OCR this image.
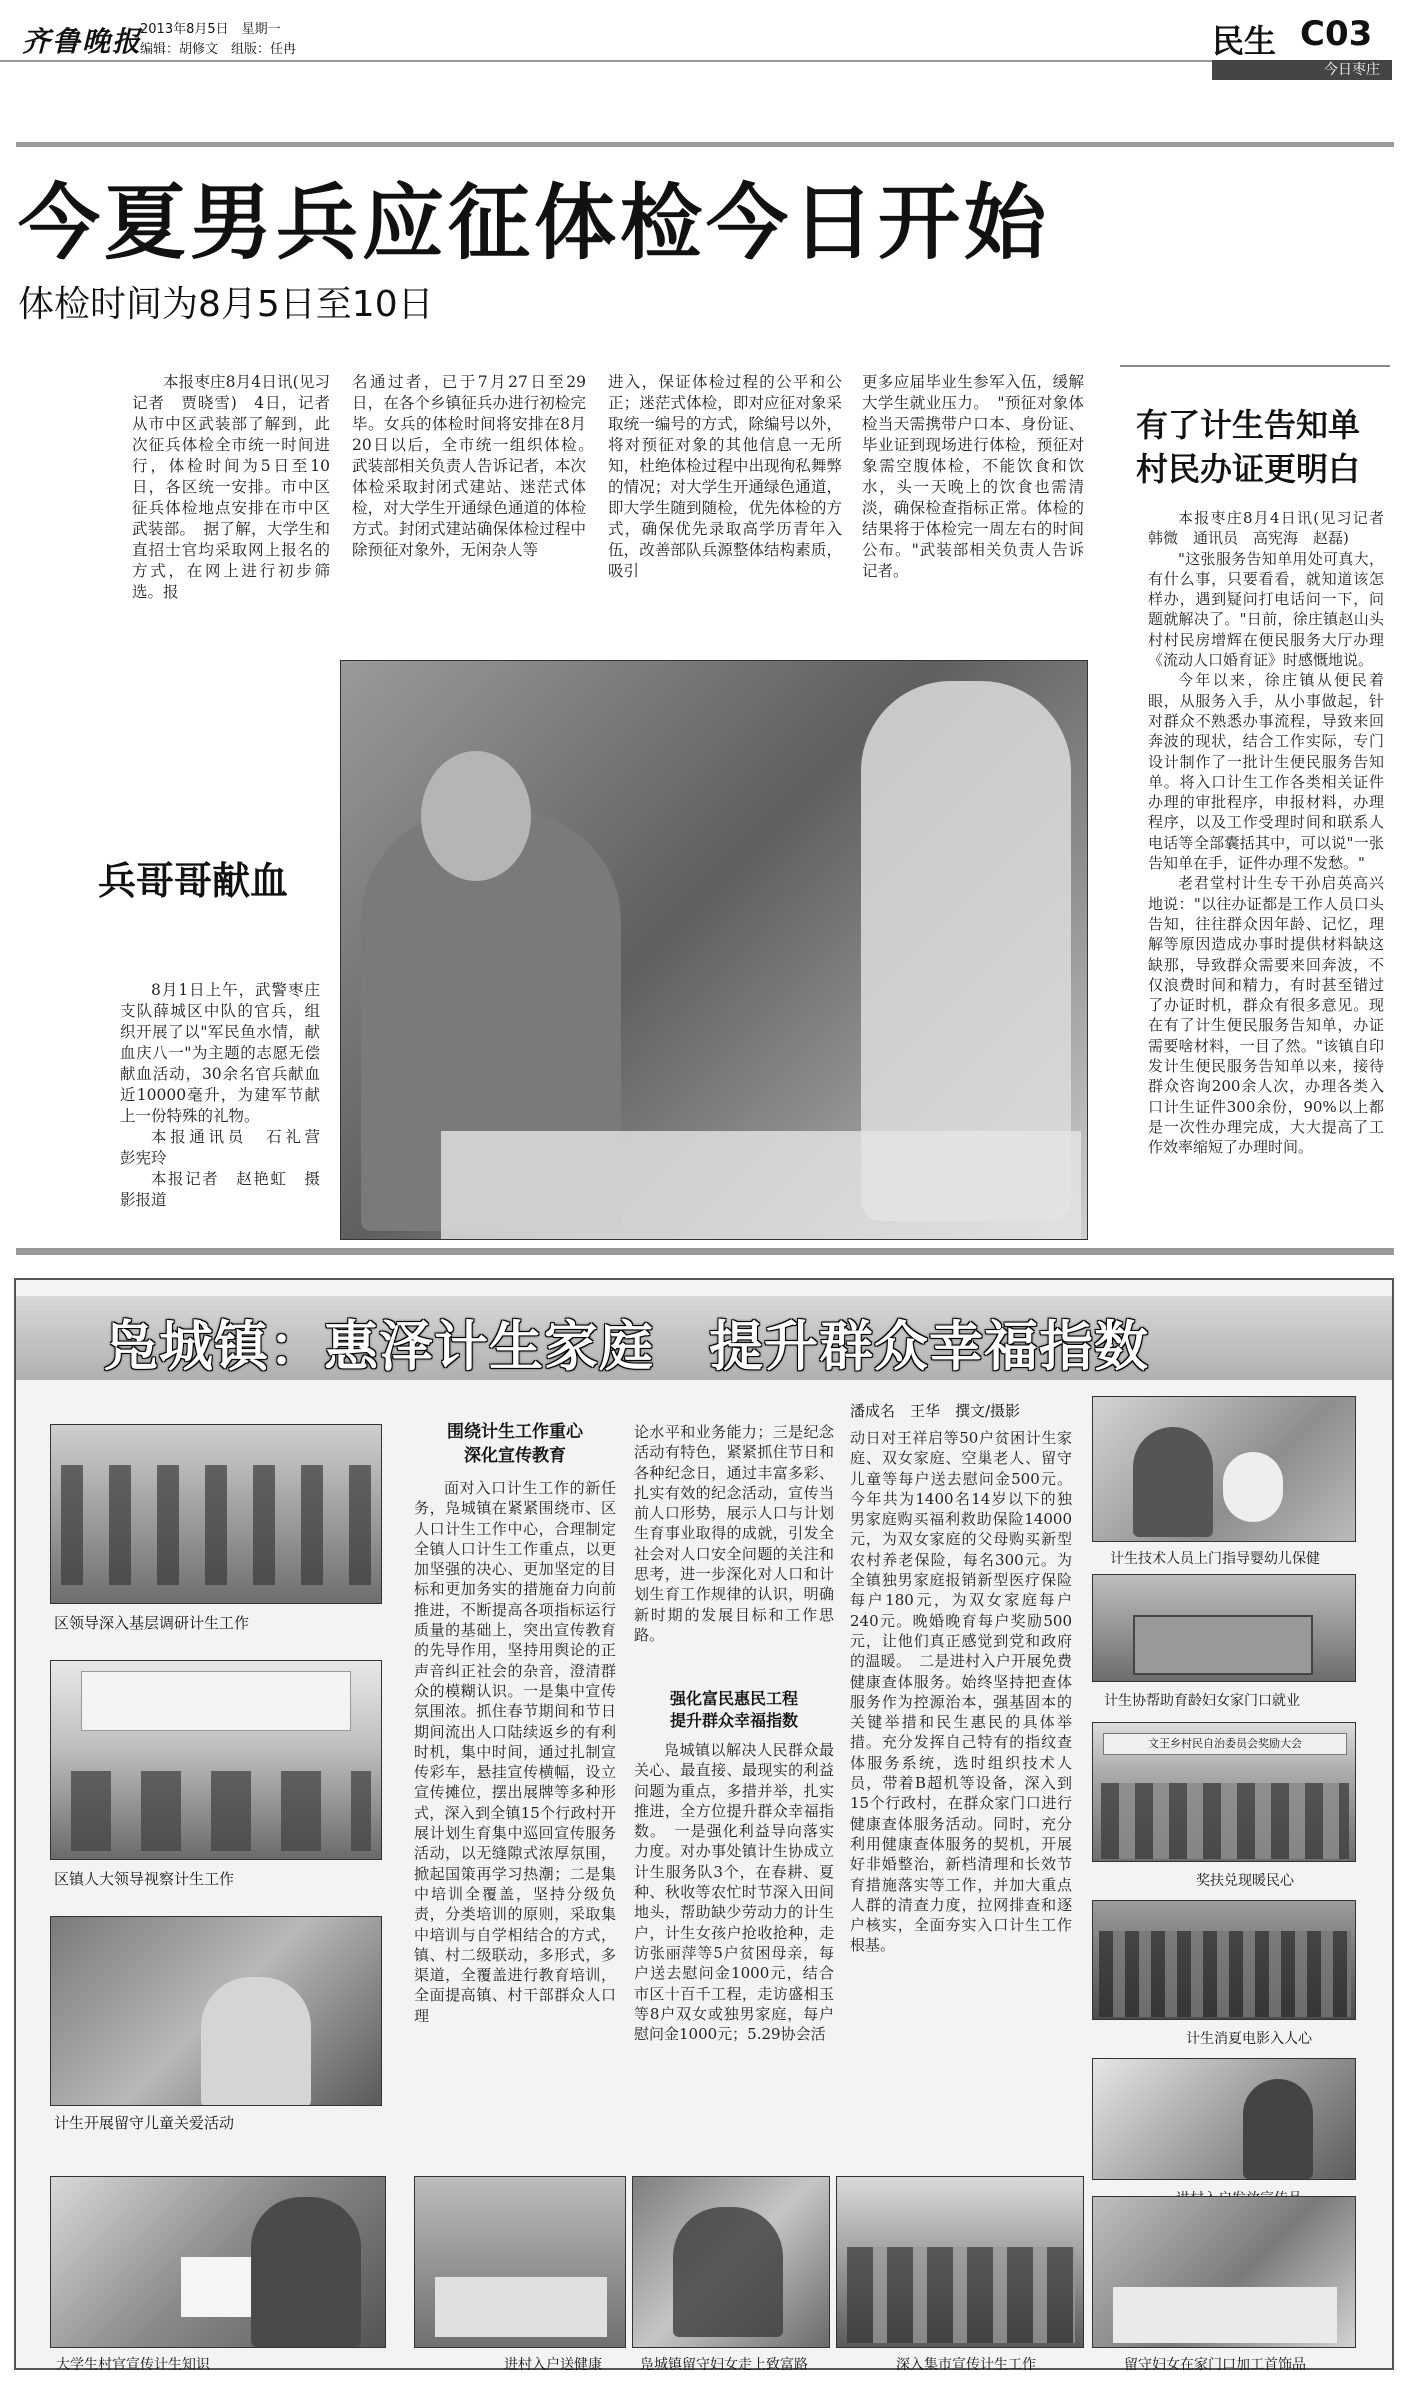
齐鲁晚报
2013年8月5日　星期一
编辑：胡修文　组版：任冉	民生 C03
今日枣庄
今夏男兵应征体检今日开始
体检时间为8月5日至10日

本报枣庄8月4日讯(见习记者　贾晓雪)　4日，记者从市中区武装部了解到，此次征兵体检全市统一时间进行，体检时间为5日至10日，各区统一安排。市中区征兵体检地点安排在市中区武装部。　据了解，大学生和直招士官均采取网上报名的方式，在网上进行初步筛选。报

名通过者，已于7月27日至29日，在各个乡镇征兵办进行初检完毕。女兵的体检时间将安排在8月20日以后，全市统一组织体检。　武装部相关负责人告诉记者，本次体检采取封闭式建站、迷茫式体检，对大学生开通绿色通道的体检方式。封闭式建站确保体检过程中除预征对象外，无闲杂人等

进入，保证体检过程的公平和公正；迷茫式体检，即对应征对象采取统一编号的方式，除编号以外，将对预征对象的其他信息一无所知，杜绝体检过程中出现徇私舞弊的情况；对大学生开通绿色通道，即大学生随到随检，优先体检的方式，确保优先录取高学历青年入伍，改善部队兵源整体结构素质，吸引

更多应届毕业生参军入伍，缓解大学生就业压力。　"预征对象体检当天需携带户口本、身份证、毕业证到现场进行体检，预征对象需空腹体检，不能饮食和饮水，头一天晚上的饮食也需清淡，确保检查指标正常。体检的结果将于体检完一周左右的时间公布。"武装部相关负责人告诉记者。

兵哥哥献血

8月1日上午，武警枣庄支队薛城区中队的官兵，组织开展了以"军民鱼水情，献血庆八一"为主题的志愿无偿献血活动，30余名官兵献血近10000毫升，为建军节献上一份特殊的礼物。

本报通讯员　石礼营　彭宪玲

本报记者　赵艳虹　摄影报道

有了计生告知单
村民办证更明白

本报枣庄8月4日讯(见习记者　韩微　通讯员　高宪海　赵磊)

"这张服务告知单用处可真大，有什么事，只要看看，就知道该怎样办，遇到疑问打电话问一下，问题就解决了。"日前，徐庄镇赵山头村村民房增辉在便民服务大厅办理《流动人口婚育证》时感慨地说。

今年以来，徐庄镇从便民着眼，从服务入手，从小事做起，针对群众不熟悉办事流程，导致来回奔波的现状，结合工作实际，专门设计制作了一批计生便民服务告知单。将入口计生工作各类相关证件办理的审批程序，申报材料，办理程序，以及工作受理时间和联系人电话等全部囊括其中，可以说"一张告知单在手，证件办理不发愁。"

老君堂村计生专干孙启英高兴地说："以往办证都是工作人员口头告知，往往群众因年龄、记忆，理解等原因造成办事时提供材料缺这缺那，导致群众需要来回奔波，不仅浪费时间和精力，有时甚至错过了办证时机，群众有很多意见。现在有了计生便民服务告知单，办证需要啥材料，一目了然。"该镇自印发计生便民服务告知单以来，接待群众咨询200余人次，办理各类入口计生证件300余份，90%以上都是一次性办理完成，大大提高了工作效率缩短了办理时间。

凫城镇：惠泽计生家庭　提升群众幸福指数
潘成名　王华　撰文/摄影
区领导深入基层调研计生工作
区镇人大领导视察计生工作
计生开展留守儿童关爱活动
围绕计生工作重心
深化宣传教育

面对入口计生工作的新任务，凫城镇在紧紧围绕市、区人口计生工作中心，合理制定全镇人口计生工作重点，以更加坚强的决心、更加坚定的目标和更加务实的措施奋力向前推进，不断提高各项指标运行质量的基础上，突出宣传教育的先导作用，坚持用舆论的正声音纠正社会的杂音，澄清群众的模糊认识。一是集中宣传氛围浓。抓住春节期间和节日期间流出人口陆续返乡的有利时机，集中时间，通过扎制宣传彩车，悬挂宣传横幅，设立宣传摊位，摆出展牌等多种形式，深入到全镇15个行政村开展计划生育集中巡回宣传服务活动，以无缝隙式浓厚氛围，掀起国策再学习热潮；二是集中培训全覆盖，坚持分级负责，分类培训的原则，采取集中培训与自学相结合的方式，镇、村二级联动，多形式，多渠道，全覆盖进行教育培训，全面提高镇、村干部群众人口理

论水平和业务能力；三是纪念活动有特色，紧紧抓住节日和各种纪念日，通过丰富多彩、扎实有效的纪念活动，宣传当前人口形势，展示人口与计划生育事业取得的成就，引发全社会对人口安全问题的关注和思考，进一步深化对人口和计划生育工作规律的认识，明确新时期的发展目标和工作思路。

强化富民惠民工程
提升群众幸福指数

凫城镇以解决人民群众最关心、最直接、最现实的利益问题为重点，多措并举，扎实推进，全方位提升群众幸福指数。　一是强化利益导向落实力度。对办事处镇计生协成立计生服务队3个，在春耕、夏种、秋收等农忙时节深入田间地头，帮助缺少劳动力的计生户，计生女孩户抢收抢种，走访张丽萍等5户贫困母亲，每户送去慰问金1000元，结合市区十百千工程，走访盛相玉等8户双女或独男家庭，每户慰问金1000元；5.29协会活

动日对王祥启等50户贫困计生家庭、双女家庭、空巢老人、留守儿童等每户送去慰问金500元。今年共为1400名14岁以下的独男家庭购买福利救助保险14000元，为双女家庭的父母购买新型农村养老保险，每名300元。为全镇独男家庭报销新型医疗保险每户180元，为双女家庭每户240元。晚婚晚育每户奖励500元，让他们真正感觉到党和政府的温暖。　二是进村入户开展免费健康查体服务。始终坚持把查体服务作为控源治本，强基固本的关键举措和民生惠民的具体举措。充分发挥自己特有的指纹查体服务系统，选时组织技术人员，带着B超机等设备，深入到15个行政村，在群众家门口进行健康查体服务活动。同时，充分利用健康查体服务的契机，开展好非婚整治，新档清理和长效节育措施落实等工作，并加大重点人群的清查力度，拉网排查和逐户核实，全面夯实入口计生工作根基。

计生技术人员上门指导婴幼儿保健
计生协帮助育龄妇女家门口就业
文王乡村民自治委员会奖励大会
奖扶兑现暖民心
计生消夏电影入人心
大学生村官宣传计生知识	进村入户送健康	凫城镇留守妇女走上致富路	深入集市宣传计生工作	留守妇女在家门口加工首饰品
